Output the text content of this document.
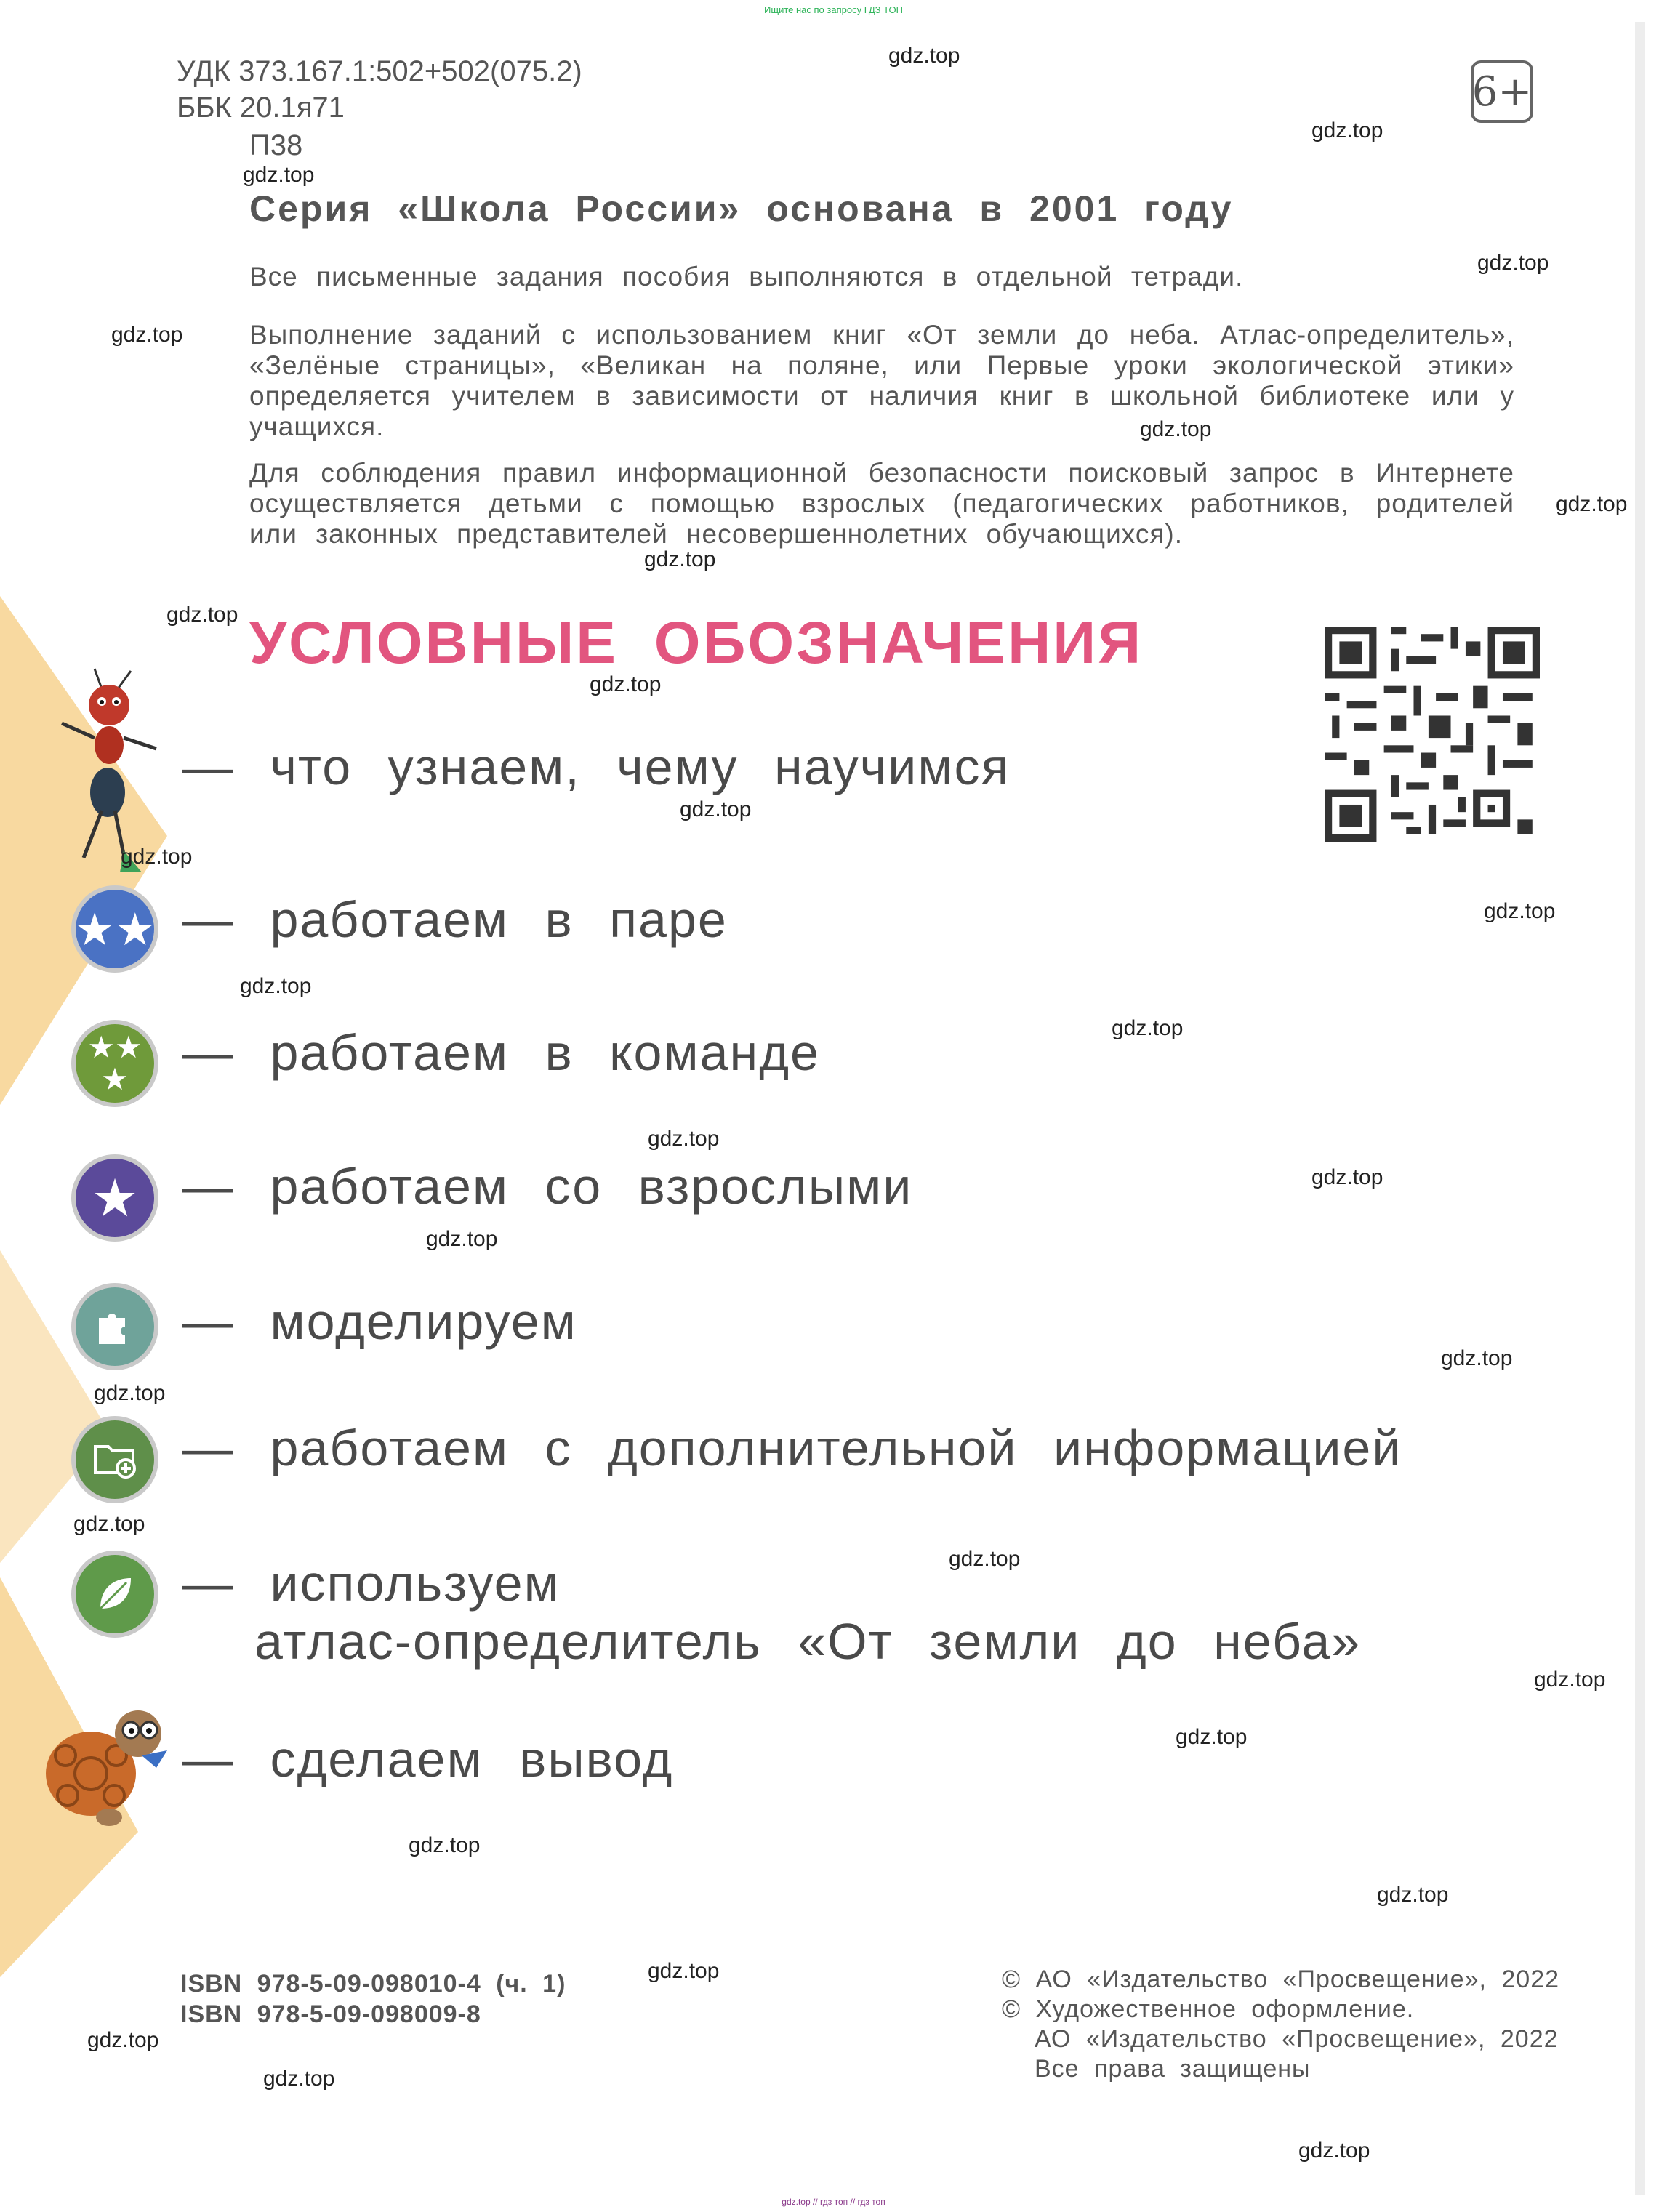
Ищите нас по запросу ГДЗ ТОП
УДК 373.167.1:502+502(075.2)
ББК 20.1я71
П38
6+
Серия «Школа России» основана в 2001 году
Все письменные задания пособия выполняются в отдельной тетради.
Выполнение заданий с использованием книг «От земли до неба. Атлас-определитель», «Зелёные страницы», «Великан на поляне, или Первые уроки экологической этики» определяется учителем в зависимости от наличия книг в школьной библиотеке или у учащихся.
Для соблюдения правил информационной безопасности поисковый запрос в Интернете осуществляется детьми с помощью взрослых (педагогических работников, родителей или законных представителей несовершеннолетних обучающихся).
УСЛОВНЫЕ ОБОЗНАЧЕНИЯ
— что узнаем, чему научимся
★★ — работаем в паре
★★
★	— работаем в команде
★ — работаем со взрослыми
— моделируем
— работаем с дополнительной информацией
— используем
атлас-определитель «От земли до неба»
— сделаем вывод
ISBN 978-5-09-098010-4 (ч. 1)
ISBN 978-5-09-098009-8
© АО «Издательство «Просвещение», 2022
© Художественное оформление.
АО «Издательство «Просвещение», 2022
Все права защищены
gdz.top
gdz.top
gdz.top
gdz.top
gdz.top
gdz.top
gdz.top
gdz.top
gdz.top
gdz.top
gdz.top
gdz.top
gdz.top
gdz.top
gdz.top
gdz.top
gdz.top
gdz.top
gdz.top
gdz.top
gdz.top
gdz.top
gdz.top
gdz.top
gdz.top
gdz.top
gdz.top
gdz.top
gdz.top
gdz.top
gdz.top // гдз топ // гдз топ
